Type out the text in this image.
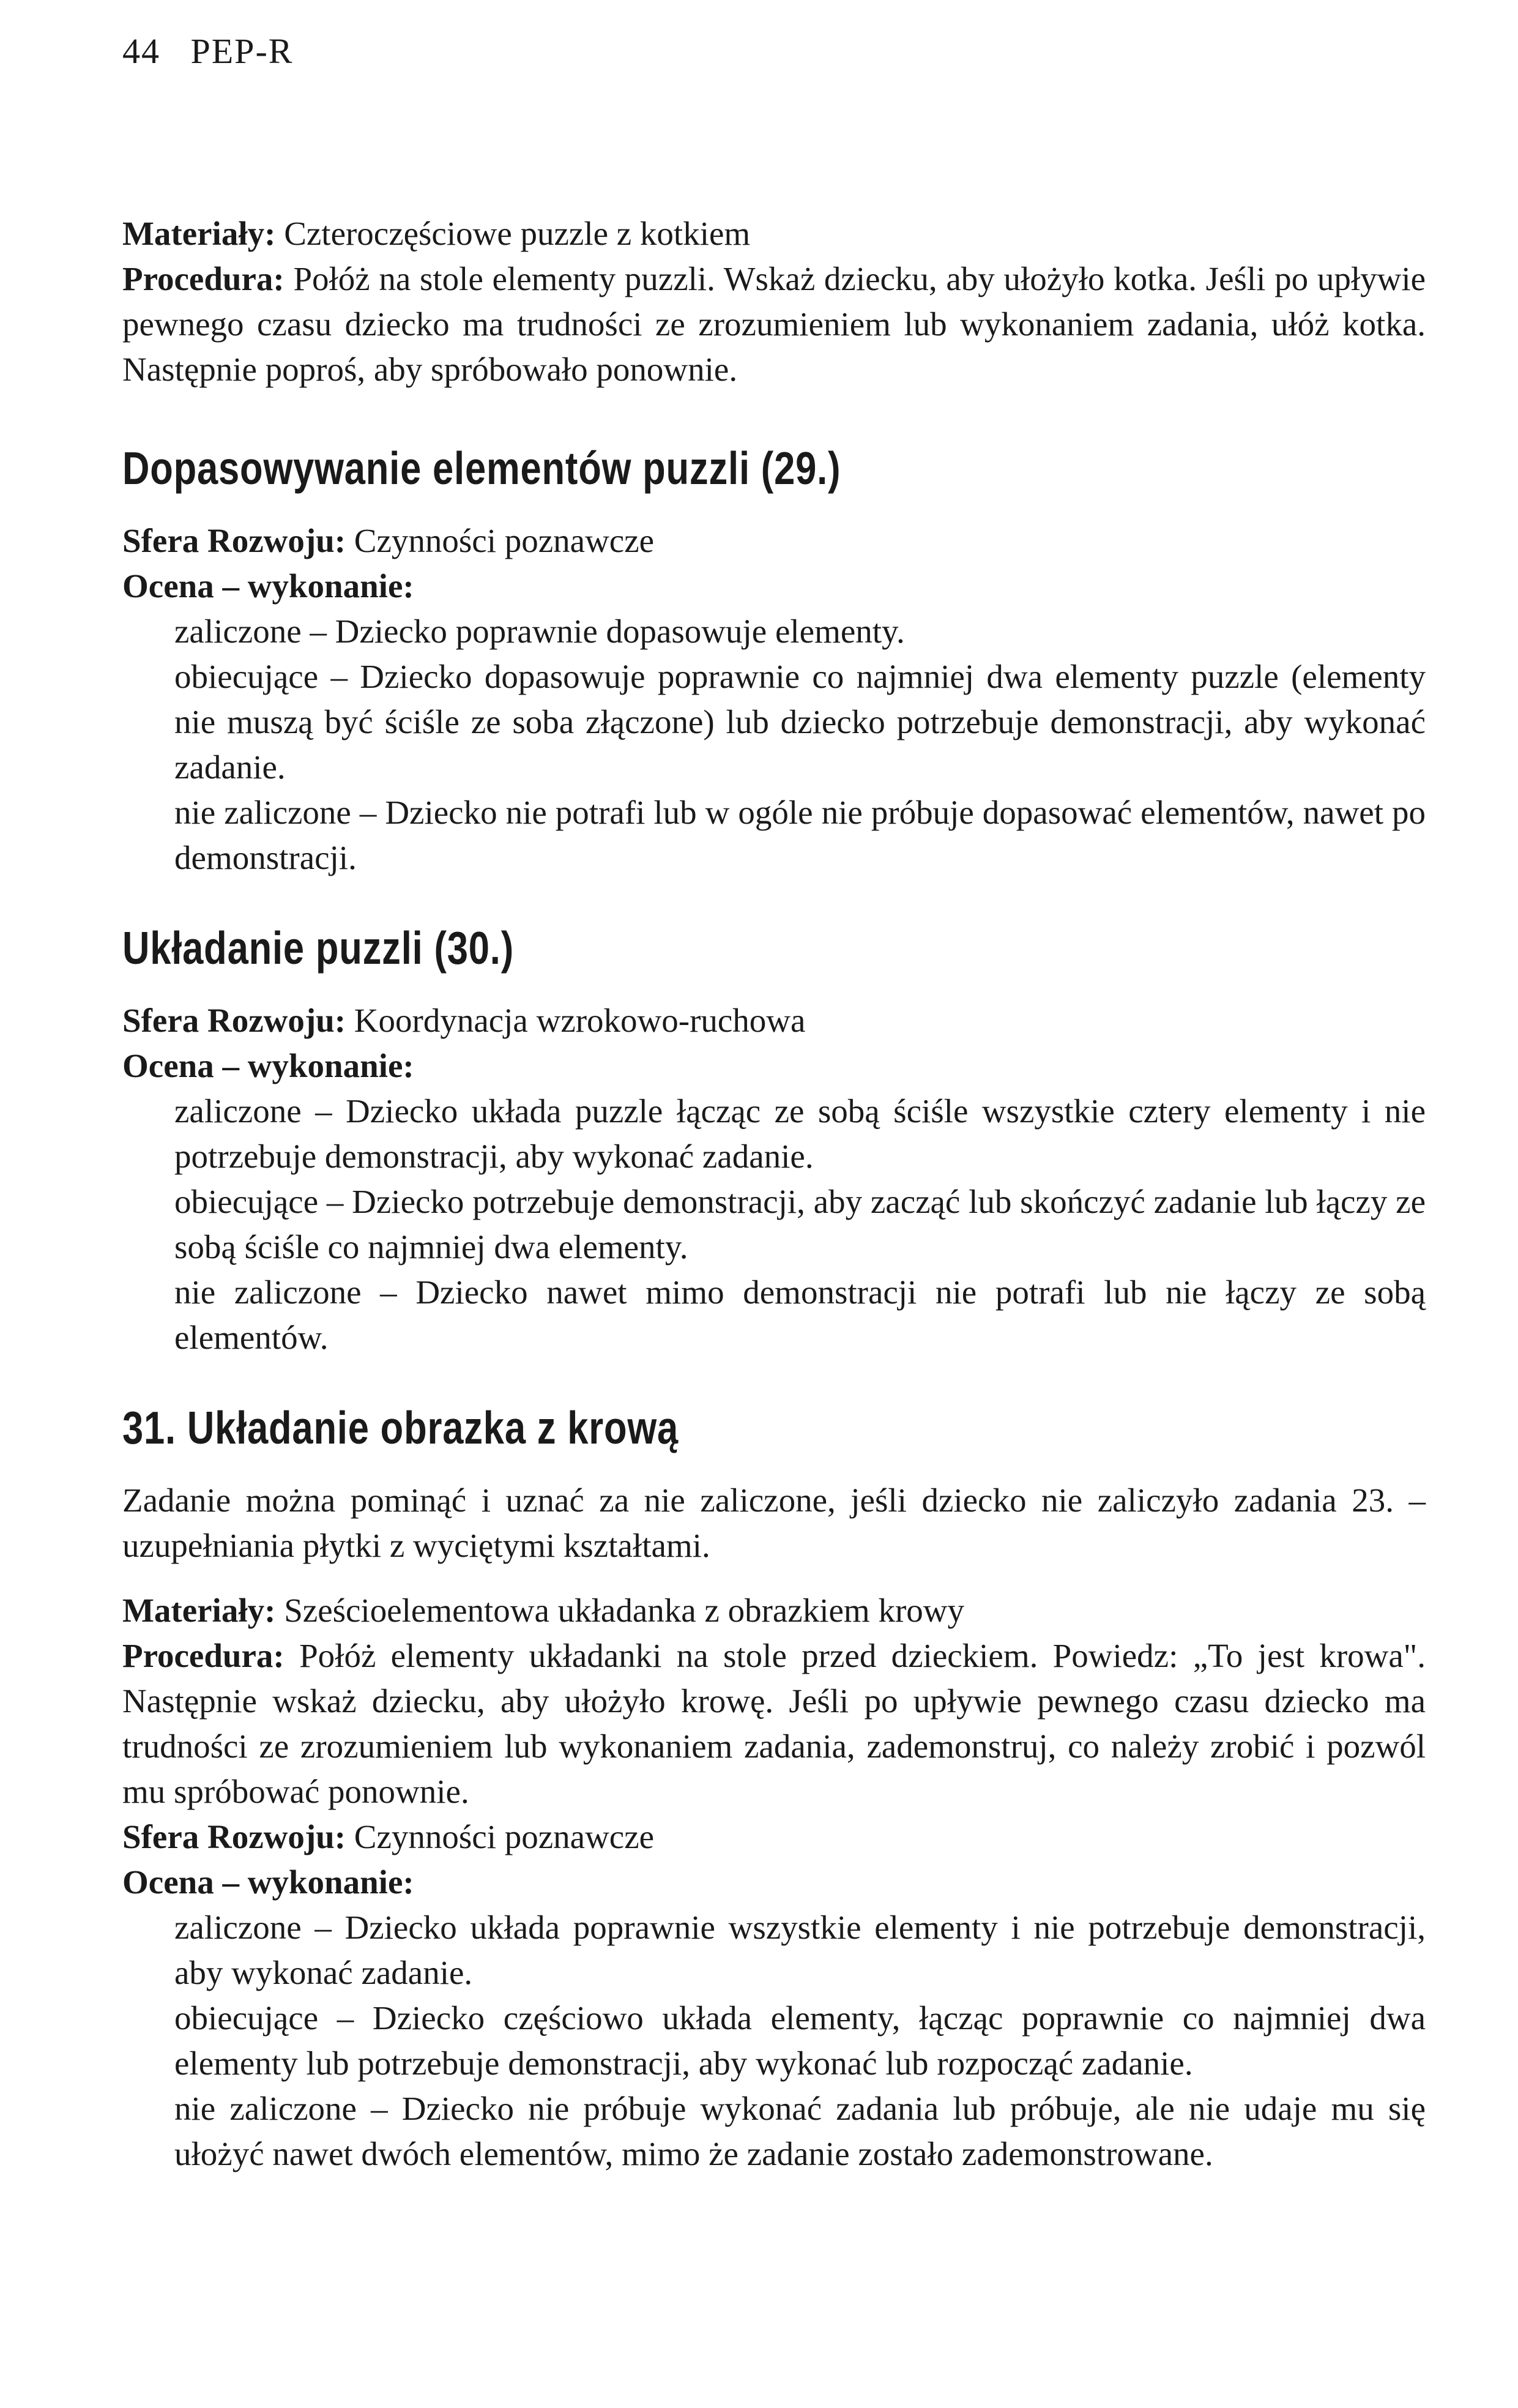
44 PEP-R

Materiały: Czteroczęściowe puzzle z kotkiem

Procedura: Połóż na stole elementy puzzli. Wskaż dziecku, aby ułożyło kotka. Jeśli po upływie pewnego czasu dziecko ma trudności ze zrozumieniem lub wykonaniem zadania, ułóż kotka. Następnie poproś, aby spróbowało ponownie.

Dopasowywanie elementów puzzli (29.)

Sfera Rozwoju: Czynności poznawcze

Ocena – wykonanie:

zaliczone – Dziecko poprawnie dopasowuje elementy.

obiecujące – Dziecko dopasowuje poprawnie co najmniej dwa elementy puzzle (elementy nie muszą być ściśle ze soba złączone) lub dziecko potrzebuje demonstracji, aby wykonać zadanie.

nie zaliczone – Dziecko nie potrafi lub w ogóle nie próbuje dopasować elementów, nawet po demonstracji.

Układanie puzzli (30.)

Sfera Rozwoju: Koordynacja wzrokowo-ruchowa

Ocena – wykonanie:

zaliczone – Dziecko układa puzzle łącząc ze sobą ściśle wszystkie cztery elementy i nie potrzebuje demonstracji, aby wykonać zadanie.

obiecujące – Dziecko potrzebuje demonstracji, aby zacząć lub skończyć zadanie lub łączy ze sobą ściśle co najmniej dwa elementy.

nie zaliczone – Dziecko nawet mimo demonstracji nie potrafi lub nie łączy ze sobą elementów.

31. Układanie obrazka z krową

Zadanie można pominąć i uznać za nie zaliczone, jeśli dziecko nie zaliczyło zadania 23. – uzupełniania płytki z wyciętymi kształtami.

Materiały: Sześcioelementowa układanka z obrazkiem krowy

Procedura: Połóż elementy układanki na stole przed dzieckiem. Powiedz: „To jest krowa". Następnie wskaż dziecku, aby ułożyło krowę. Jeśli po upływie pewnego czasu dziecko ma trudności ze zrozumieniem lub wykonaniem zadania, zademonstruj, co należy zrobić i pozwól mu spróbować ponownie.

Sfera Rozwoju: Czynności poznawcze

Ocena – wykonanie:

zaliczone – Dziecko układa poprawnie wszystkie elementy i nie potrzebuje demonstracji, aby wykonać zadanie.

obiecujące – Dziecko częściowo układa elementy, łącząc poprawnie co najmniej dwa elementy lub potrzebuje demonstracji, aby wykonać lub rozpocząć zadanie.

nie zaliczone – Dziecko nie próbuje wykonać zadania lub próbuje, ale nie udaje mu się ułożyć nawet dwóch elementów, mimo że zadanie zostało zademonstrowane.
